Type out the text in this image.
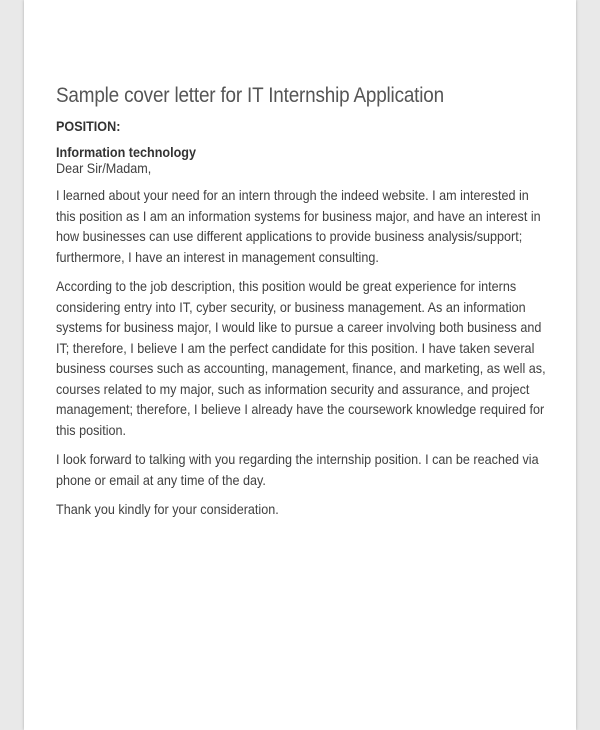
Sample cover letter for IT Internship Application
POSITION:
Information technology
Dear Sir/Madam,

I learned about your need for an intern through the indeed website. I am interested in this position as I am an information systems for business major, and have an interest in how businesses can use different applications to provide business analysis/support; furthermore, I have an interest in management consulting.

According to the job description, this position would be great experience for interns considering entry into IT, cyber security, or business management. As an information systems for business major, I would like to pursue a career involving both business and IT; therefore, I believe I am the perfect candidate for this position. I have taken several business courses such as accounting, management, finance, and marketing, as well as, courses related to my major, such as information security and assurance, and project management; therefore, I believe I already have the coursework knowledge required for this position.

I look forward to talking with you regarding the internship position. I can be reached via phone or email at any time of the day.

Thank you kindly for your consideration.
